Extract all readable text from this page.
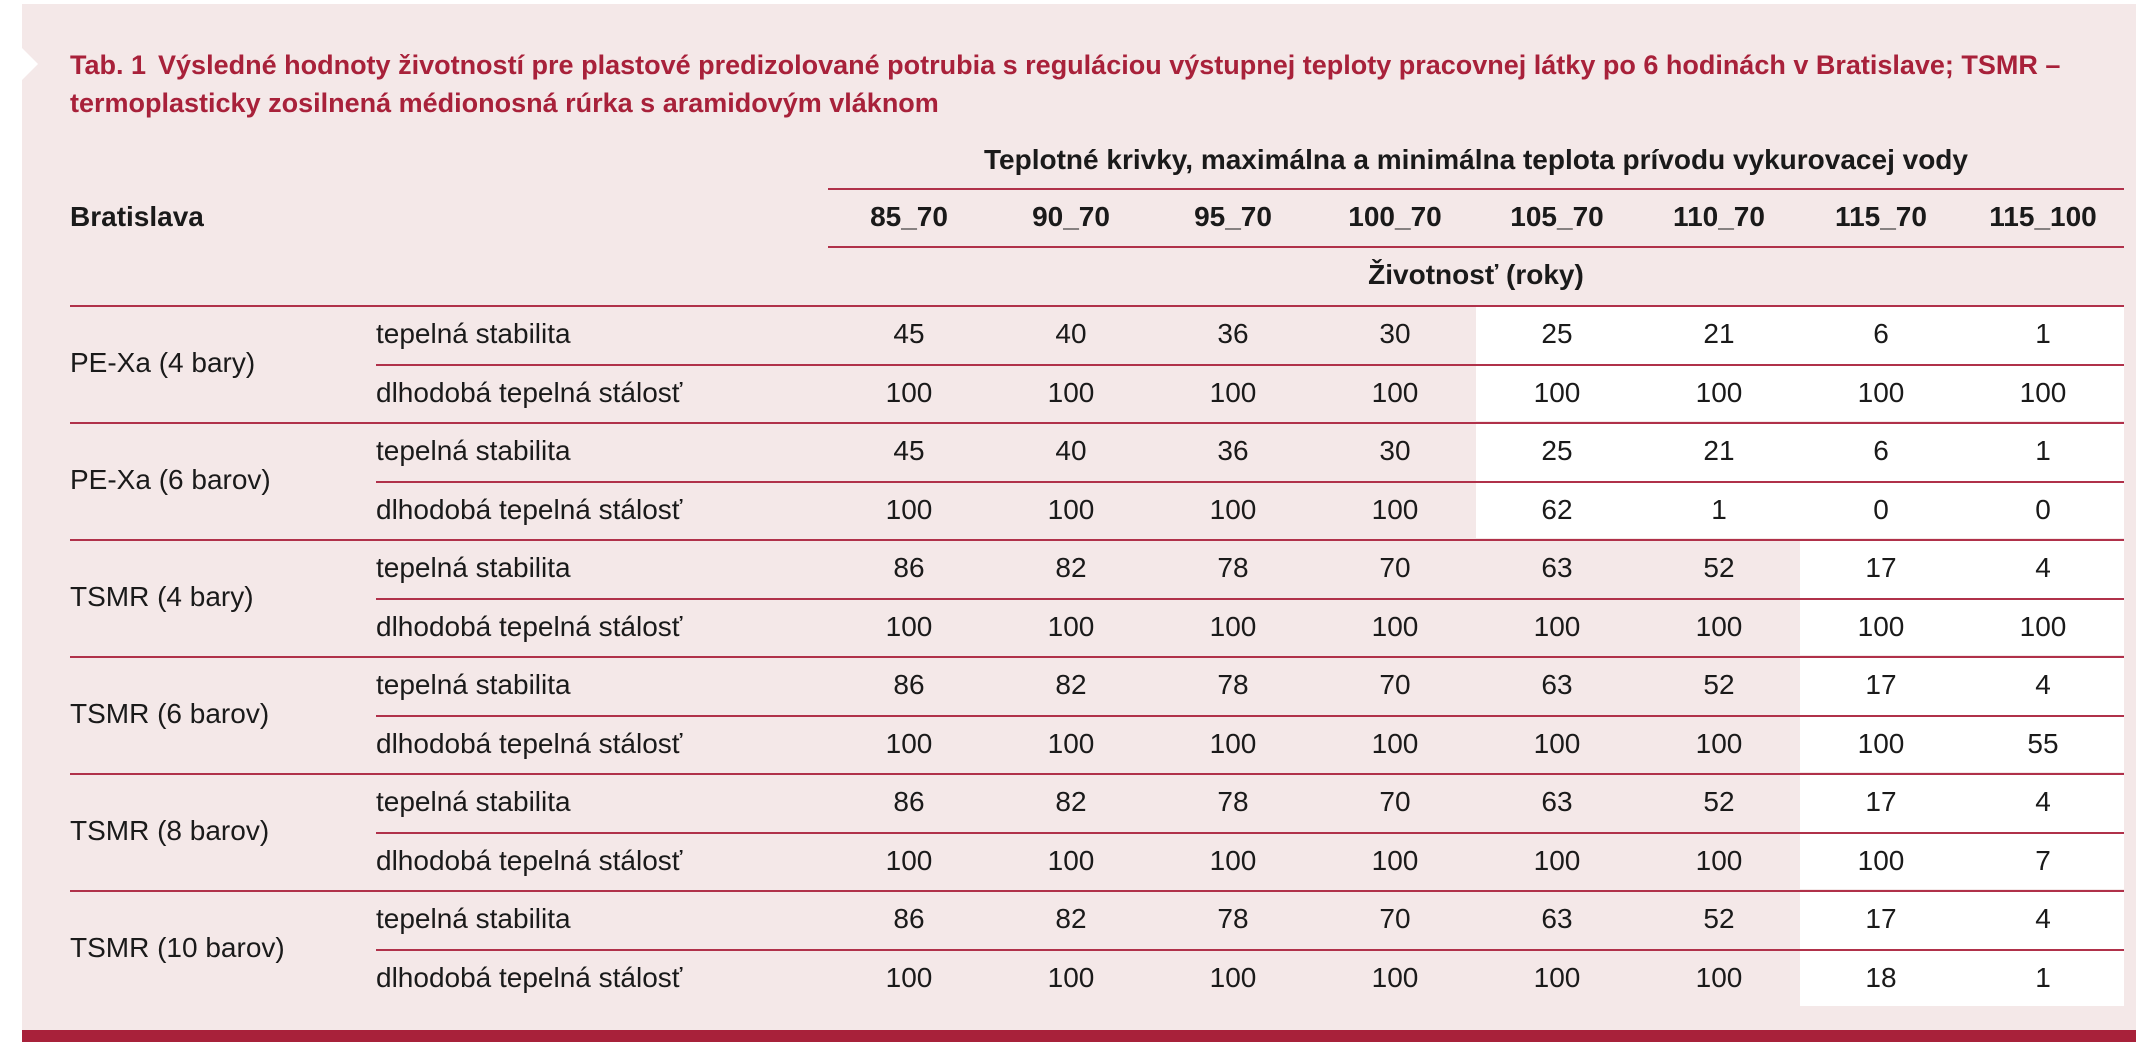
Tab. 1 Výsledné hodnoty životností pre plastové predizolované potrubia s reguláciou výstupnej teploty pracovnej látky po 6 hodinách v Bratislave; TSMR – termoplasticky zosilnená médionosná rúrka s aramidovým vláknom
Bratislava
Teplotné krivky, maximálna a minimálna teplota prívodu vykurovacej vody
85_70	90_70	95_70	100_70	105_70	110_70	115_70	115_100
Životnosť (roky)
PE-Xa (4 bary)
tepelná stabilita	45	40	36	30	25	21	6	1
dlhodobá tepelná stálosť	100	100	100	100	100	100	100	100
PE-Xa (6 barov)
tepelná stabilita	45	40	36	30	25	21	6	1
dlhodobá tepelná stálosť	100	100	100	100	62	1	0	0
TSMR (4 bary)
tepelná stabilita	86	82	78	70	63	52	17	4
dlhodobá tepelná stálosť	100	100	100	100	100	100	100	100
TSMR (6 barov)
tepelná stabilita	86	82	78	70	63	52	17	4
dlhodobá tepelná stálosť	100	100	100	100	100	100	100	55
TSMR (8 barov)
tepelná stabilita	86	82	78	70	63	52	17	4
dlhodobá tepelná stálosť	100	100	100	100	100	100	100	7
TSMR (10 barov)
tepelná stabilita	86	82	78	70	63	52	17	4
dlhodobá tepelná stálosť	100	100	100	100	100	100	18	1
